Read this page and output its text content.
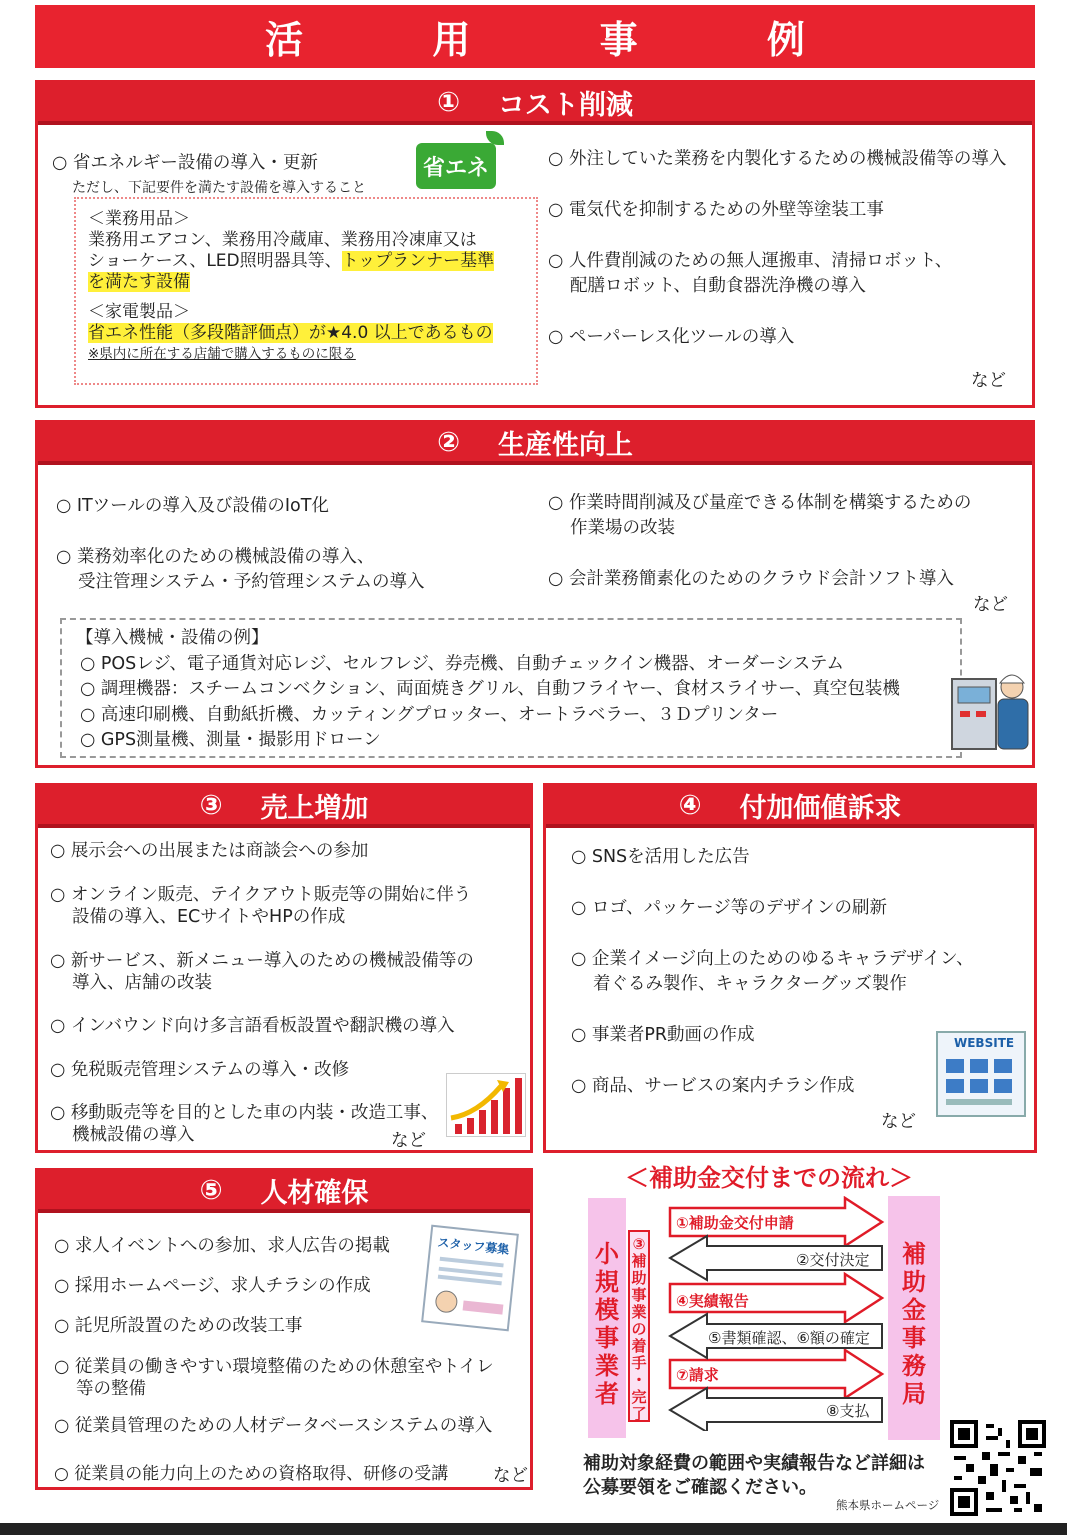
活 用 事 例
① コスト削減
○ 省エネルギー設備の導入・更新
ただし、下記要件を満たす設備を導入すること
省エネ
＜業務用品＞
業務用エアコン、業務用冷蔵庫、業務用冷凍庫又は
ショーケース、LED照明器具等、トップランナー基準
を満たす設備
＜家電製品＞
省エネ性能（多段階評価点）が★4.0 以上であるもの
※県内に所在する店舗で購入するものに限る
○ 外注していた業務を内製化するための機械設備等の導入
○ 電気代を抑制するための外壁等塗装工事
○ 人件費削減のための無人運搬車、清掃ロボット、
配膳ロボット、自動食器洗浄機の導入
○ ペーパーレス化ツールの導入
など
② 生産性向上
○ ITツールの導入及び設備のIoT化
○ 業務効率化のための機械設備の導入、
受注管理システム・予約管理システムの導入
○ 作業時間削減及び量産できる体制を構築するための
作業場の改装
○ 会計業務簡素化のためのクラウド会計ソフト導入
など
【導入機械・設備の例】
○ POSレジ、電子通貨対応レジ、セルフレジ、券売機、自動チェックイン機器、オーダーシステム
○ 調理機器：スチームコンベクション、両面焼きグリル、自動フライヤー、食材スライサー、真空包装機
○ 高速印刷機、自動紙折機、カッティングプロッター、オートラベラー、３Ｄプリンター
○ GPS測量機、測量・撮影用ドローン
③ 売上増加
○ 展示会への出展または商談会への参加
○ オンライン販売、テイクアウト販売等の開始に伴う
設備の導入、ECサイトやHPの作成
○ 新サービス、新メニュー導入のための機械設備等の
導入、店舗の改装
○ インバウンド向け多言語看板設置や翻訳機の導入
○ 免税販売管理システムの導入・改修
○ 移動販売等を目的とした車の内装・改造工事、
機械設備の導入	など
④ 付加価値訴求
○ SNSを活用した広告
○ ロゴ、パッケージ等のデザインの刷新
○ 企業イメージ向上のためのゆるキャラデザイン、
着ぐるみ製作、キャラクターグッズ製作
○ 事業者PR動画の作成
○ 商品、サービスの案内チラシ作成
など
WEBSITE
⑤ 人材確保
○ 求人イベントへの参加、求人広告の掲載
○ 採用ホームページ、求人チラシの作成
○ 託児所設置のための改装工事
○ 従業員の働きやすい環境整備のための休憩室やトイレ
等の整備
○ 従業員管理のための人材データベースシステムの導入
○ 従業員の能力向上のための資格取得、研修の受講	など
スタッフ募集
＜補助金交付までの流れ＞
小
規
模
事
業
者
③
補
助
事
業
の
着
手
・
完
了
補
助
金
事
務
局
①補助金交付申請
②交付決定
④実績報告
⑤書類確認、⑥額の確定
⑦請求
⑧支払
補助対象経費の範囲や実績報告など詳細は
公募要領をご確認ください。
熊本県ホームページ
